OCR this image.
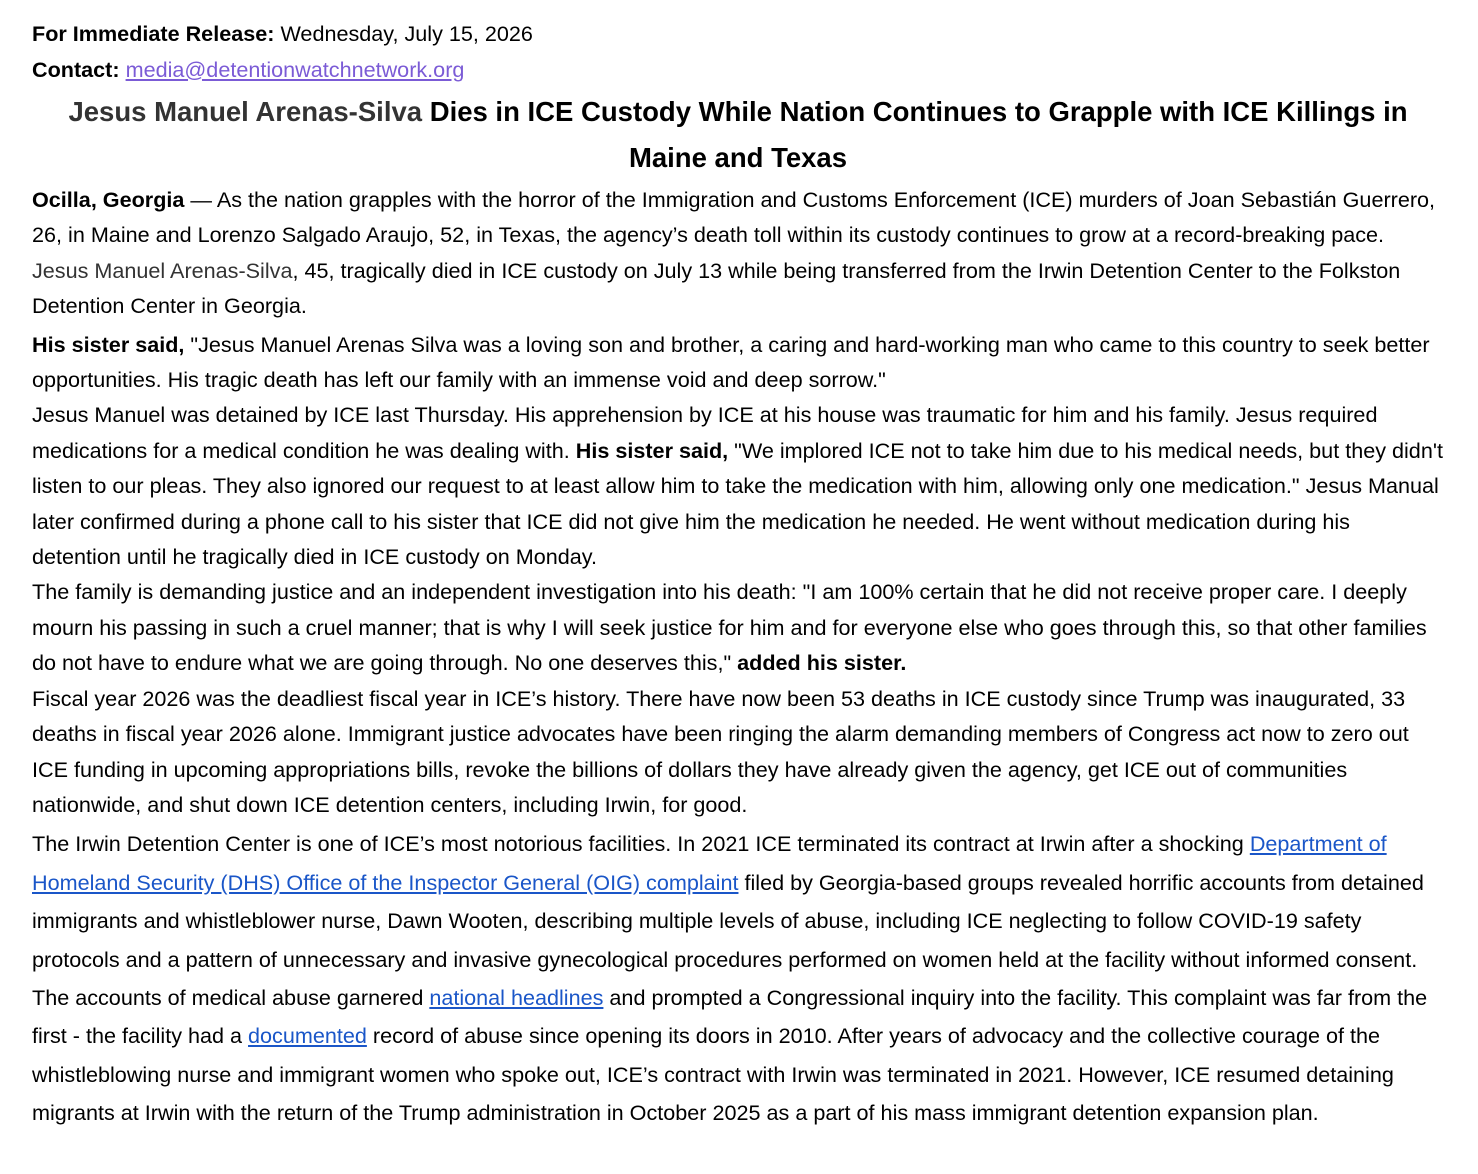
For Immediate Release: Wednesday, July 15, 2026
Contact: media@detentionwatchnetwork.org
Jesus Manuel Arenas-Silva Dies in ICE Custody While Nation Continues to Grapple with ICE Killings in Maine and Texas

Ocilla, Georgia — As the nation grapples with the horror of the Immigration and Customs Enforcement (ICE) murders of Joan Sebastián Guerrero, 26, in Maine and Lorenzo Salgado Araujo, 52, in Texas, the agency’s death toll within its custody continues to grow at a record-breaking pace. Jesus Manuel Arenas-Silva, 45, tragically died in ICE custody on July 13 while being transferred from the Irwin Detention Center to the Folkston Detention Center in Georgia.

His sister said, "Jesus Manuel Arenas Silva was a loving son and brother, a caring and hard-working man who came to this country to seek better opportunities. His tragic death has left our family with an immense void and deep sorrow."

Jesus Manuel was detained by ICE last Thursday. His apprehension by ICE at his house was traumatic for him and his family. Jesus required medications for a medical condition he was dealing with. His sister said, "We implored ICE not to take him due to his medical needs, but they didn't listen to our pleas. They also ignored our request to at least allow him to take the medication with him, allowing only one medication." Jesus Manual later confirmed during a phone call to his sister that ICE did not give him the medication he needed. He went without medication during his detention until he tragically died in ICE custody on Monday.

The family is demanding justice and an independent investigation into his death: "I am 100% certain that he did not receive proper care. I deeply mourn his passing in such a cruel manner; that is why I will seek justice for him and for everyone else who goes through this, so that other families do not have to endure what we are going through. No one deserves this," added his sister.

Fiscal year 2026 was the deadliest fiscal year in ICE’s history. There have now been 53 deaths in ICE custody since Trump was inaugurated, 33 deaths in fiscal year 2026 alone. Immigrant justice advocates have been ringing the alarm demanding members of Congress act now to zero out ICE funding in upcoming appropriations bills, revoke the billions of dollars they have already given the agency, get ICE out of communities nationwide, and shut down ICE detention centers, including Irwin, for good.

The Irwin Detention Center is one of ICE’s most notorious facilities. In 2021 ICE terminated its contract at Irwin after a shocking Department of Homeland Security (DHS) Office of the Inspector General (OIG) complaint filed by Georgia-based groups revealed horrific accounts from detained immigrants and whistleblower nurse, Dawn Wooten, describing multiple levels of abuse, including ICE neglecting to follow COVID-19 safety protocols and a pattern of unnecessary and invasive gynecological procedures performed on women held at the facility without informed consent. The accounts of medical abuse garnered national headlines and prompted a Congressional inquiry into the facility. This complaint was far from the first - the facility had a documented record of abuse since opening its doors in 2010. After years of advocacy and the collective courage of the whistleblowing nurse and immigrant women who spoke out, ICE’s contract with Irwin was terminated in 2021. However, ICE resumed detaining migrants at Irwin with the return of the Trump administration in October 2025 as a part of his mass immigrant detention expansion plan.
